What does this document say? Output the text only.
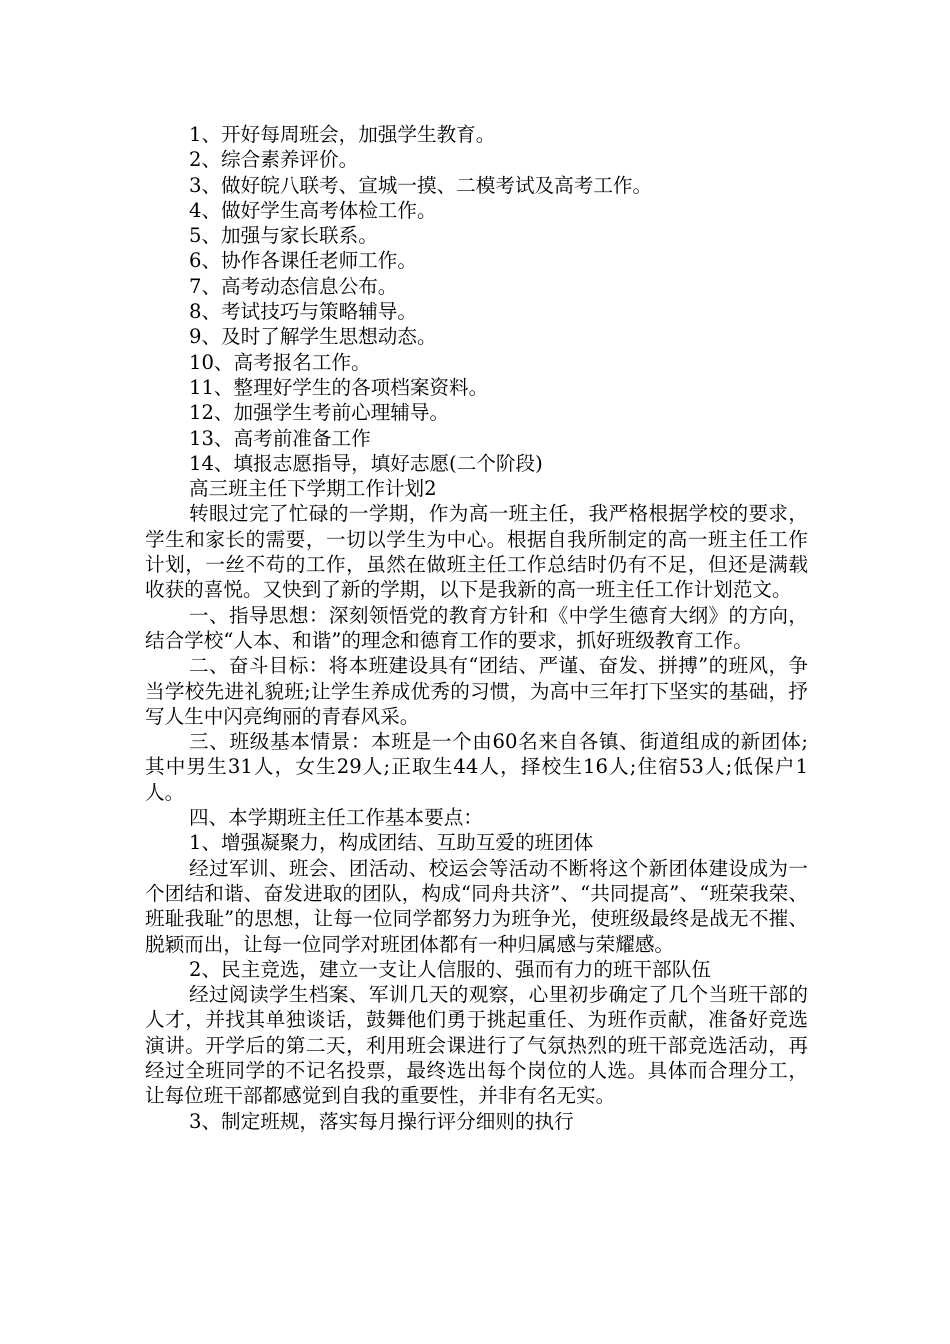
1、开好每周班会，加强学生教育。

2、综合素养评价。

3、做好皖八联考、宣城一摸、二模考试及高考工作。

4、做好学生高考体检工作。

5、加强与家长联系。

6、协作各课任老师工作。

7、高考动态信息公布。

8、考试技巧与策略辅导。

9、及时了解学生思想动态。

10、高考报名工作。

11、整理好学生的各项档案资料。

12、加强学生考前心理辅导。

13、高考前准备工作

14、填报志愿指导，填好志愿(二个阶段)

高三班主任下学期工作计划2

转眼过完了忙碌的一学期，作为高一班主任，我严格根据学校的要求，学生和家长的需要，一切以学生为中心。根据自我所制定的高一班主任工作计划，一丝不苟的工作，虽然在做班主任工作总结时仍有不足，但还是满载收获的喜悦。又快到了新的学期，以下是我新的高一班主任工作计划范文。

一、指导思想：深刻领悟党的教育方针和《中学生德育大纲》的方向，结合学校“人本、和谐”的理念和德育工作的要求，抓好班级教育工作。

二、奋斗目标：将本班建设具有“团结、严谨、奋发、拼搏”的班风，争当学校先进礼貌班;让学生养成优秀的习惯，为高中三年打下坚实的基础，抒写人生中闪亮绚丽的青春风采。

三、班级基本情景：本班是一个由60名来自各镇、街道组成的新团体;其中男生31人，女生29人;正取生44人，择校生16人;住宿53人;低保户1人。

四、本学期班主任工作基本要点：

1、增强凝聚力，构成团结、互助互爱的班团体

经过军训、班会、团活动、校运会等活动不断将这个新团体建设成为一个团结和谐、奋发进取的团队，构成“同舟共济”、“共同提高”、“班荣我荣、班耻我耻”的思想，让每一位同学都努力为班争光，使班级最终是战无不摧、脱颖而出，让每一位同学对班团体都有一种归属感与荣耀感。

2、民主竞选，建立一支让人信服的、强而有力的班干部队伍

经过阅读学生档案、军训几天的观察，心里初步确定了几个当班干部的人才，并找其单独谈话，鼓舞他们勇于挑起重任、为班作贡献，准备好竞选演讲。开学后的第二天，利用班会课进行了气氛热烈的班干部竞选活动，再经过全班同学的不记名投票，最终选出每个岗位的人选。具体而合理分工，让每位班干部都感觉到自我的重要性，并非有名无实。

3、制定班规，落实每月操行评分细则的执行
